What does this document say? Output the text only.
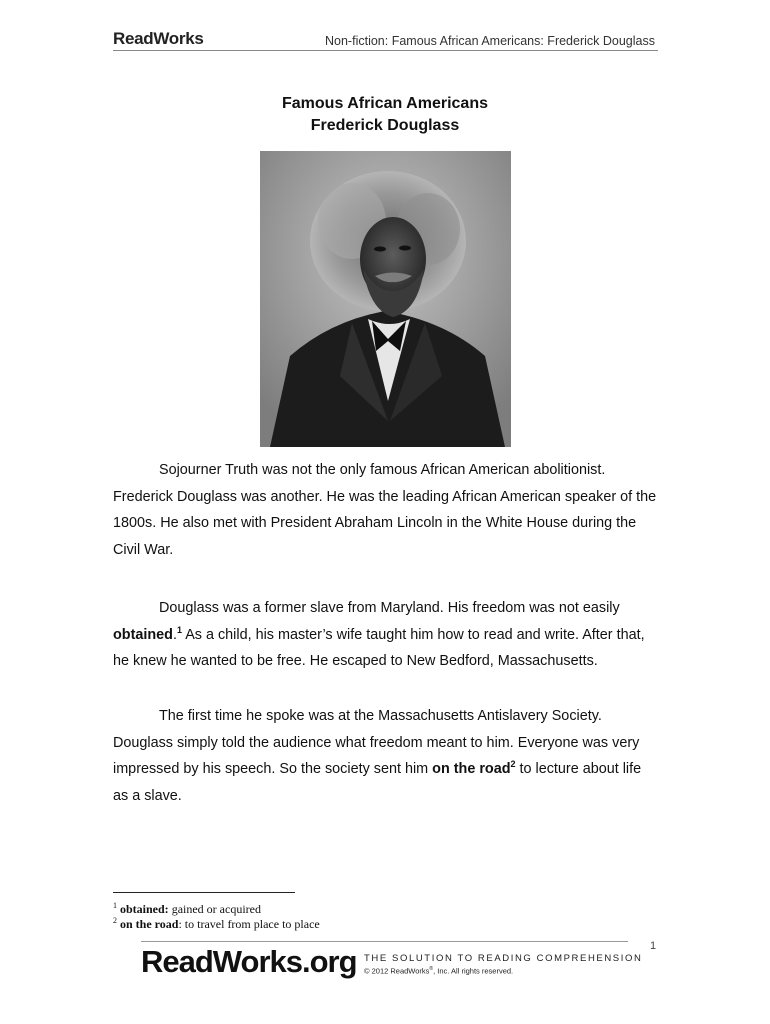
ReadWorks	Non-fiction: Famous African Americans: Frederick Douglass
Famous African Americans
Frederick Douglass

Sojourner Truth was not the only famous African American abolitionist. Frederick Douglass was another. He was the leading African American speaker of the 1800s. He also met with President Abraham Lincoln in the White House during the Civil War.

Douglass was a former slave from Maryland. His freedom was not easily obtained.$^1$ As a child, his master’s wife taught him how to read and write. After that, he knew he wanted to be free. He escaped to New Bedford, Massachusetts.

The first time he spoke was at the Massachusetts Antislavery Society. Douglass simply told the audience what freedom meant to him. Everyone was very impressed by his speech. So the society sent him on the road$^2$ to lecture about life as a slave.

$^1$ obtained: gained or acquired
$^2$ on the road: to travel from place to place
1
ReadWorks.org THE SOLUTION TO READING COMPREHENSION
© 2012 ReadWorks®, Inc. All rights reserved.
